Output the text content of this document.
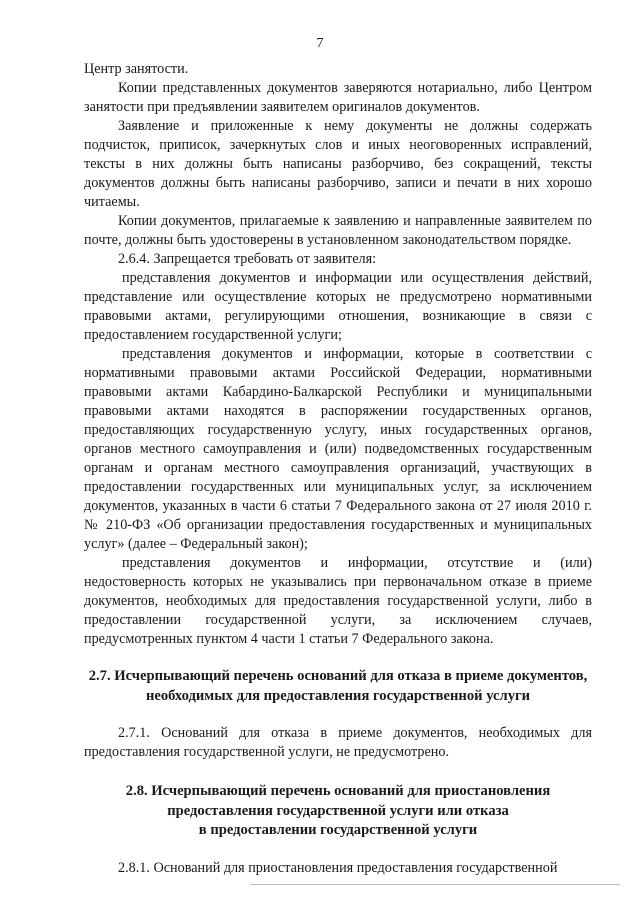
7

Центр занятости.

Копии представленных документов заверяются нотариально, либо Центром занятости при предъявлении заявителем оригиналов документов.

Заявление и приложенные к нему документы не должны содержать подчисток, приписок, зачеркнутых слов и иных неоговоренных исправлений, тексты в них должны быть написаны разборчиво, без сокращений, тексты документов должны быть написаны разборчиво, записи и печати в них хорошо читаемы.

Копии документов, прилагаемые к заявлению и направленные заявителем по почте, должны быть удостоверены в установленном законодательством порядке.

2.6.4. Запрещается требовать от заявителя:

представления документов и информации или осуществления действий, представление или осуществление которых не предусмотрено нормативными правовыми актами, регулирующими отношения, возникающие в связи с предоставлением государственной услуги;

представления документов и информации, которые в соответствии с нормативными правовыми актами Российской Федерации, нормативными правовыми актами Кабардино-Балкарской Республики и муниципальными правовыми актами находятся в распоряжении государственных органов, предоставляющих государственную услугу, иных государственных органов, органов местного самоуправления и (или) подведомственных государственным органам и органам местного самоуправления организаций, участвующих в предоставлении государственных или муниципальных услуг, за исключением документов, указанных в части 6 статьи 7 Федерального закона от 27 июля 2010 г. № 210-ФЗ «Об организации предоставления государственных и муниципальных услуг» (далее – Федеральный закон);

представления документов и информации, отсутствие и (или) недостоверность которых не указывались при первоначальном отказе в приеме документов, необходимых для предоставления государственной услуги, либо в предоставлении государственной услуги, за исключением случаев, предусмотренных пунктом 4 части 1 статьи 7 Федерального закона.

2.7. Исчерпывающий перечень оснований для отказа в приеме документов, необходимых для предоставления государственной услуги

2.7.1. Оснований для отказа в приеме документов, необходимых для предоставления государственной услуги, не предусмотрено.

2.8. Исчерпывающий перечень оснований для приостановления
предоставления государственной услуги или отказа
в предоставлении государственной услуги

2.8.1. Оснований для приостановления предоставления государственной
